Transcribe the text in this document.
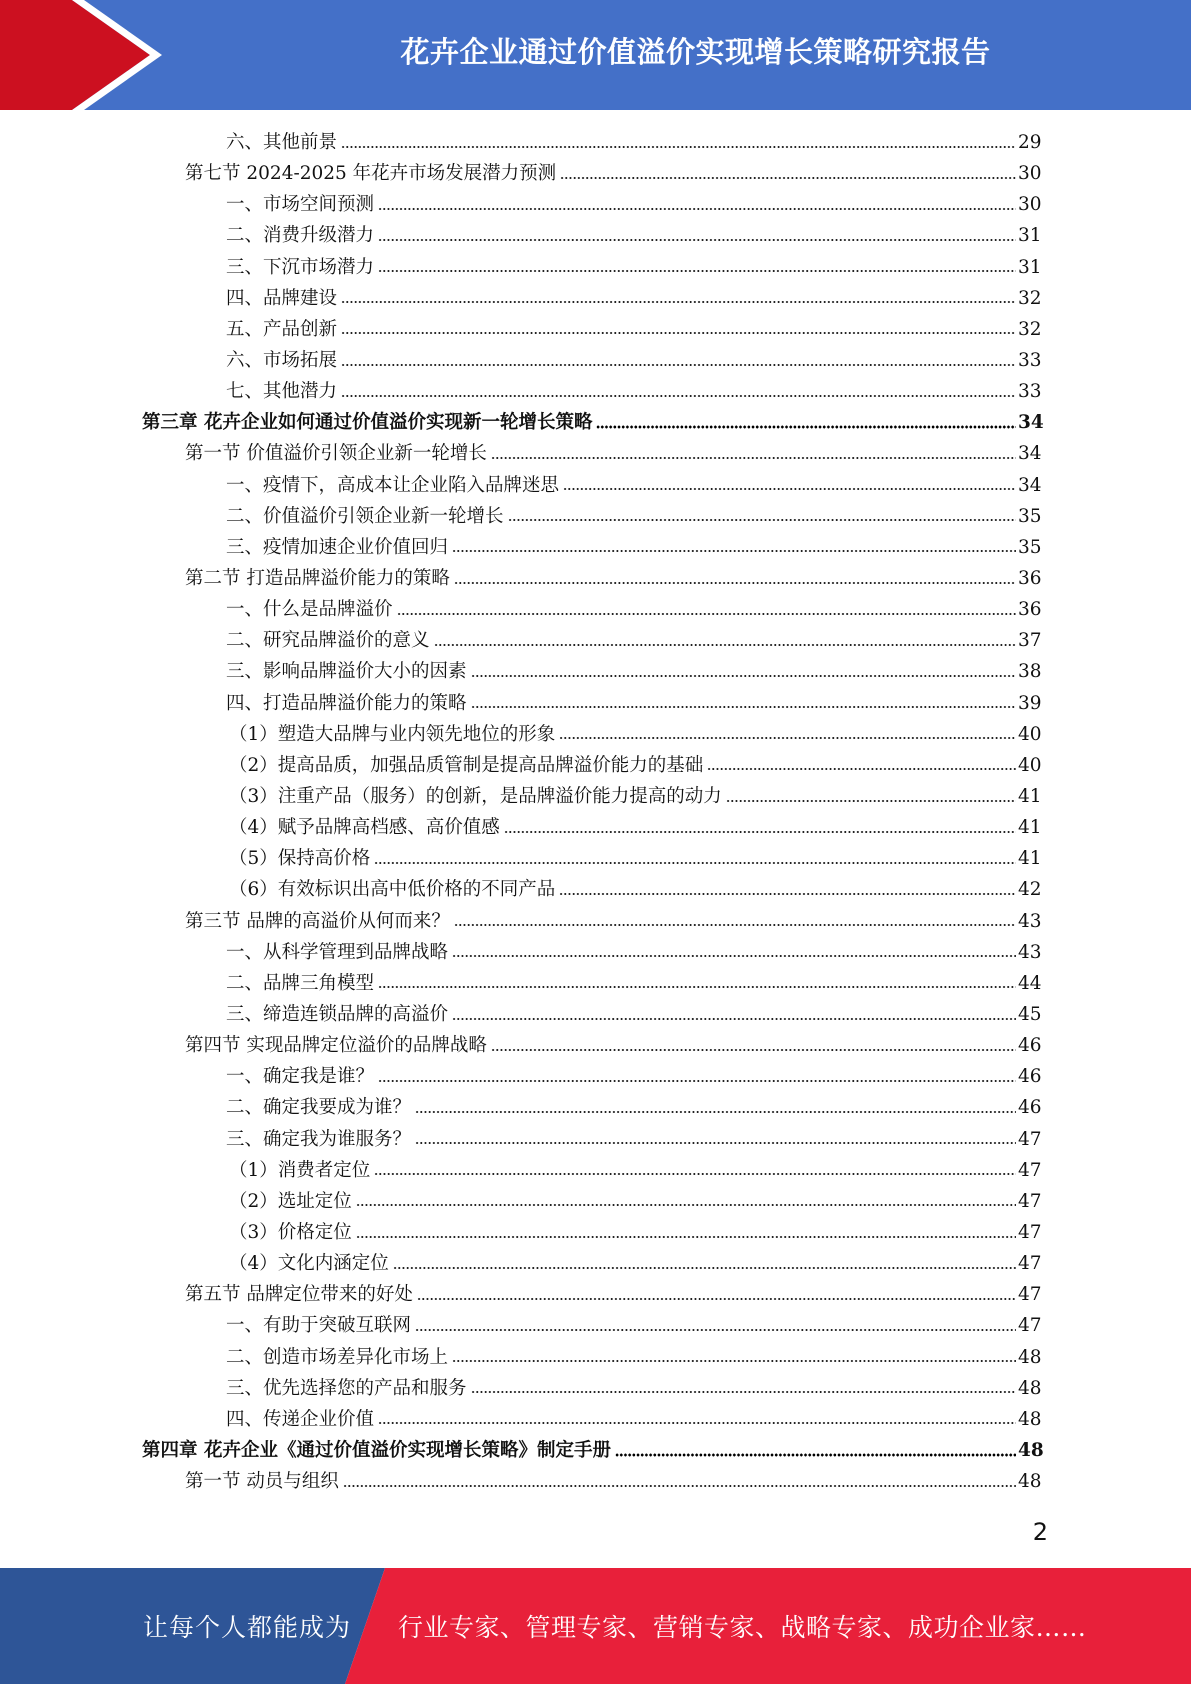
花卉企业通过价值溢价实现增长策略研究报告
六、其他前景	29
第七节 2024-2025 年花卉市场发展潜力预测	30
一、市场空间预测	30
二、消费升级潜力	31
三、下沉市场潜力	31
四、品牌建设	32
五、产品创新	32
六、市场拓展	33
七、其他潜力	33
第三章 花卉企业如何通过价值溢价实现新一轮增长策略	34
第一节 价值溢价引领企业新一轮增长	34
一、疫情下，高成本让企业陷入品牌迷思	34
二、价值溢价引领企业新一轮增长	35
三、疫情加速企业价值回归	35
第二节 打造品牌溢价能力的策略	36
一、什么是品牌溢价	36
二、研究品牌溢价的意义	37
三、影响品牌溢价大小的因素	38
四、打造品牌溢价能力的策略	39
（1）塑造大品牌与业内领先地位的形象	40
（2）提高品质，加强品质管制是提高品牌溢价能力的基础	40
（3）注重产品（服务）的创新，是品牌溢价能力提高的动力	41
（4）赋予品牌高档感、高价值感	41
（5）保持高价格	41
（6）有效标识出高中低价格的不同产品	42
第三节 品牌的高溢价从何而来？	43
一、从科学管理到品牌战略	43
二、品牌三角模型	44
三、缔造连锁品牌的高溢价	45
第四节 实现品牌定位溢价的品牌战略	46
一、确定我是谁？	46
二、确定我要成为谁？	46
三、确定我为谁服务？	47
（1）消费者定位	47
（2）选址定位	47
（3）价格定位	47
（4）文化内涵定位	47
第五节 品牌定位带来的好处	47
一、有助于突破互联网	47
二、创造市场差异化市场上	48
三、优先选择您的产品和服务	48
四、传递企业价值	48
第四章 花卉企业《通过价值溢价实现增长策略》制定手册	48
第一节 动员与组织	48
2
让每个人都能成为 行业专家、管理专家、营销专家、战略专家、成功企业家……
